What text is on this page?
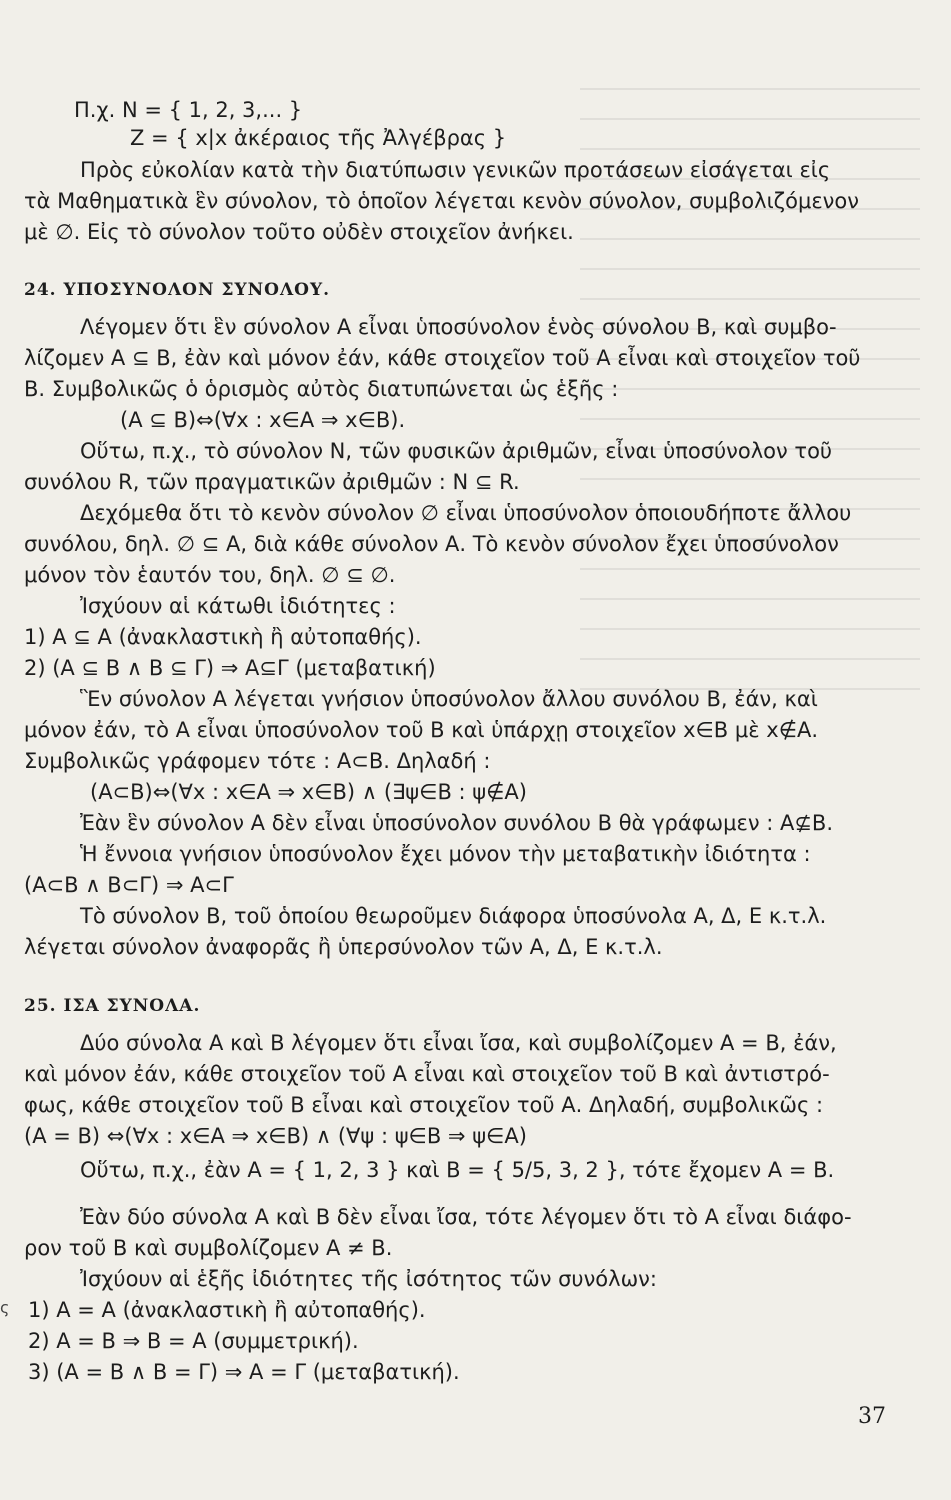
Π.χ. Ν = { 1, 2, 3,... }
Ζ = { x|x ἀκέραιος τῆς Ἀλγέβρας }
Πρὸς εὐκολίαν κατὰ τὴν διατύπωσιν γενικῶν προτάσεων εἰσάγεται εἰς
τὰ Μαθηματικὰ ἓν σύνολον, τὸ ὁποῖον λέγεται κενὸν σύνολον, συμβολιζόμενον
μὲ ∅. Εἰς τὸ σύνολον τοῦτο οὐδὲν στοιχεῖον ἀνήκει.
24. ΥΠΟΣΥΝΟΛΟΝ ΣΥΝΟΛΟΥ.
Λέγομεν ὅτι ἓν σύνολον Α εἶναι ὑποσύνολον ἑνὸς σύνολου Β, καὶ συμβο-
λίζομεν Α ⊆ Β, ἐὰν καὶ μόνον ἐάν, κάθε στοιχεῖον τοῦ Α εἶναι καὶ στοιχεῖον τοῦ
Β. Συμβολικῶς ὁ ὁρισμὸς αὐτὸς διατυπώνεται ὡς ἑξῆς :
(Α ⊆ Β)⇔(∀x : x∈Α ⇒ x∈Β).
Οὕτω, π.χ., τὸ σύνολον Ν, τῶν φυσικῶν ἀριθμῶν, εἶναι ὑποσύνολον τοῦ
συνόλου R, τῶν πραγματικῶν ἀριθμῶν : Ν ⊆ R.
Δεχόμεθα ὅτι τὸ κενὸν σύνολον ∅ εἶναι ὑποσύνολον ὁποιουδήποτε ἄλλου
συνόλου, δηλ. ∅ ⊆ Α, διὰ κάθε σύνολον Α. Τὸ κενὸν σύνολον ἔχει ὑποσύνολον
μόνον τὸν ἑαυτόν του, δηλ. ∅ ⊆ ∅.
Ἰσχύουν αἱ κάτωθι ἰδιότητες :
1) Α ⊆ Α (ἀνακλαστικὴ ἢ αὐτοπαθής).
2) (Α ⊆ Β ∧ Β ⊆ Γ) ⇒ Α⊆Γ (μεταβατική)
Ἓν σύνολον Α λέγεται γνήσιον ὑποσύνολον ἄλλου συνόλου Β, ἐάν, καὶ
μόνον ἐάν, τὸ Α εἶναι ὑποσύνολον τοῦ Β καὶ ὑπάρχῃ στοιχεῖον x∈Β μὲ x∉Α.
Συμβολικῶς γράφομεν τότε : Α⊂Β. Δηλαδή :
(Α⊂Β)⇔(∀x : x∈Α ⇒ x∈Β) ∧ (∃ψ∈Β : ψ∉Α)
Ἐὰν ἓν σύνολον Α δὲν εἶναι ὑποσύνολον συνόλου Β θὰ γράφωμεν : Α⊈Β.
Ἡ ἔννοια γνήσιον ὑποσύνολον ἔχει μόνον τὴν μεταβατικὴν ἰδιότητα :
(Α⊂Β ∧ Β⊂Γ) ⇒ Α⊂Γ
Τὸ σύνολον Β, τοῦ ὁποίου θεωροῦμεν διάφορα ὑποσύνολα Α, Δ, Ε κ.τ.λ.
λέγεται σύνολον ἀναφορᾶς ἢ ὑπερσύνολον τῶν Α, Δ, Ε κ.τ.λ.
25. ΙΣΑ ΣΥΝΟΛΑ.
Δύο σύνολα Α καὶ Β λέγομεν ὅτι εἶναι ἴσα, καὶ συμβολίζομεν Α = Β, ἐάν,
καὶ μόνον ἐάν, κάθε στοιχεῖον τοῦ Α εἶναι καὶ στοιχεῖον τοῦ Β καὶ ἀντιστρό-
φως, κάθε στοιχεῖον τοῦ Β εἶναι καὶ στοιχεῖον τοῦ Α. Δηλαδή, συμβολικῶς :
(Α = Β) ⇔(∀x : x∈Α ⇒ x∈Β) ∧ (∀ψ : ψ∈Β ⇒ ψ∈Α)
Οὕτω, π.χ., ἐὰν Α = { 1, 2, 3 } καὶ Β = { 5/5, 3, 2 }, τότε ἔχομεν Α = Β.
Ἐὰν δύο σύνολα Α καὶ Β δὲν εἶναι ἴσα, τότε λέγομεν ὅτι τὸ Α εἶναι διάφο-
ρον τοῦ Β καὶ συμβολίζομεν Α ≠ Β.
Ἰσχύουν αἱ ἑξῆς ἰδιότητες τῆς ἰσότητος τῶν συνόλων:
1) Α = Α (ἀνακλαστικὴ ἢ αὐτοπαθής).
2) Α = Β ⇒ Β = Α (συμμετρική).
3) (Α = Β ∧ Β = Γ) ⇒ Α = Γ (μεταβατική).
ς
37
